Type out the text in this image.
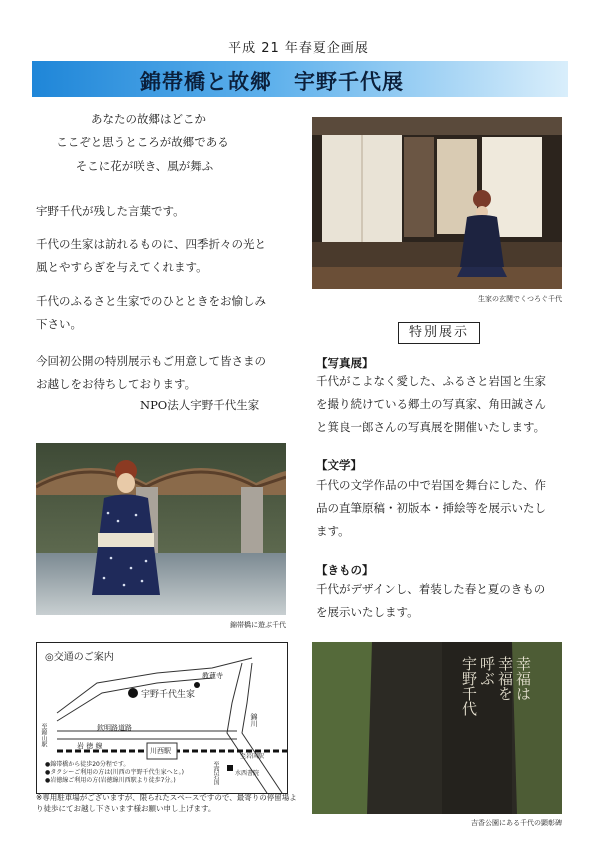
平成 21 年春夏企画展
錦帯橋と故郷　宇野千代展
あなたの故郷はどこか
ここぞと思うところが故郷である
そこに花が咲き、風が舞ふ
宇野千代が残した言葉です。
千代の生家は訪れるものに、四季折々の光と
風とやすらぎを与えてくれます。
千代のふるさと生家でのひとときをお愉しみ
下さい。
今回初公開の特別展示もご用意して皆さまの
お越しをお待ちしております。
NPO法人宇野千代生家
生家の玄関でくつろぐ千代
特別展示
【写真展】
千代がこよなく愛した、ふるさと岩国と生家
を撮り続けている郷土の写真家、角田誠さん
と箕良一郎さんの写真展を開催いたします。
【文学】
千代の文学作品の中で岩国を舞台にした、作
品の直筆原稿・初版本・挿絵等を展示いたし
ます。
【きもの】
千代がデザインし、着装した春と夏のきもの
を展示いたします。
錦帯橋に遊ぶ千代
◎交通のご案内
宇野千代生家
教蓮寺
欽明路道路
錦川
川西駅
岩 徳 線
至錦山駅
至岩国駅
水西書院
至西岩国
●錦帯橋から徒歩20分程です。
●タクシーご利用の方は(川西の宇野千代生家へと。)
●岩徳線ご利用の方(岩徳線川西駅より徒歩7分。)
※専用駐車場がございますが、限られたスペースですので、最寄りの停留場より徒歩にてお越し下さいます様お願い申し上げます。
幸福は
幸福を
呼ぶ
宇野千代
吉香公園にある千代の顕彰碑
